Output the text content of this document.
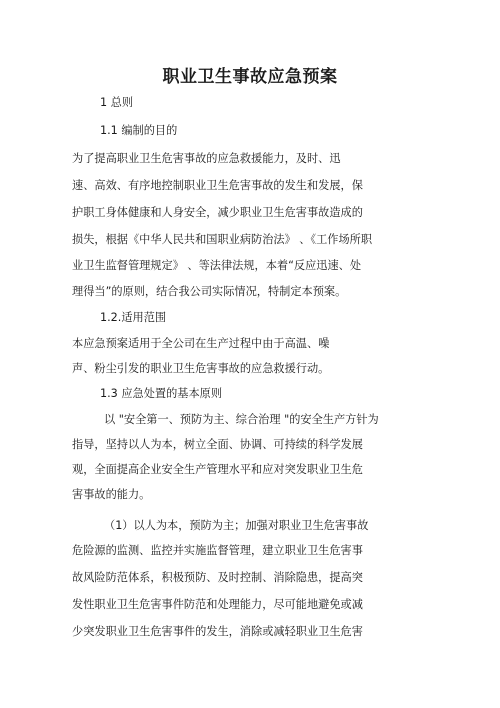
职业卫生事故应急预案
1 总则
1.1 编制的目的
为了提高职业卫生危害事故的应急救援能力，及时、迅
速、高效、有序地控制职业卫生危害事故的发生和发展，保
护职工身体健康和人身安全，减少职业卫生危害事故造成的
损失，根据《中华人民共和国职业病防治法》 、《工作场所职
业卫生监督管理规定》 、等法律法规，本着“反应迅速、处
理得当”的原则，结合我公司实际情况，特制定本预案。
1.2.适用范围
本应急预案适用于全公司在生产过程中由于高温、噪
声、粉尘引发的职业卫生危害事故的应急救援行动。
1.3 应急处置的基本原则
以 "安全第一、预防为主、综合治理 "的安全生产方针为
指导，坚持以人为本，树立全面、协调、可持续的科学发展
观，全面提高企业安全生产管理水平和应对突发职业卫生危
害事故的能力。
（1）以人为本，预防为主；加强对职业卫生危害事故
危险源的监测、监控并实施监督管理，建立职业卫生危害事
故风险防范体系，积极预防、及时控制、消除隐患，提高突
发性职业卫生危害事件防范和处理能力，尽可能地避免或减
少突发职业卫生危害事件的发生，消除或减轻职业卫生危害
